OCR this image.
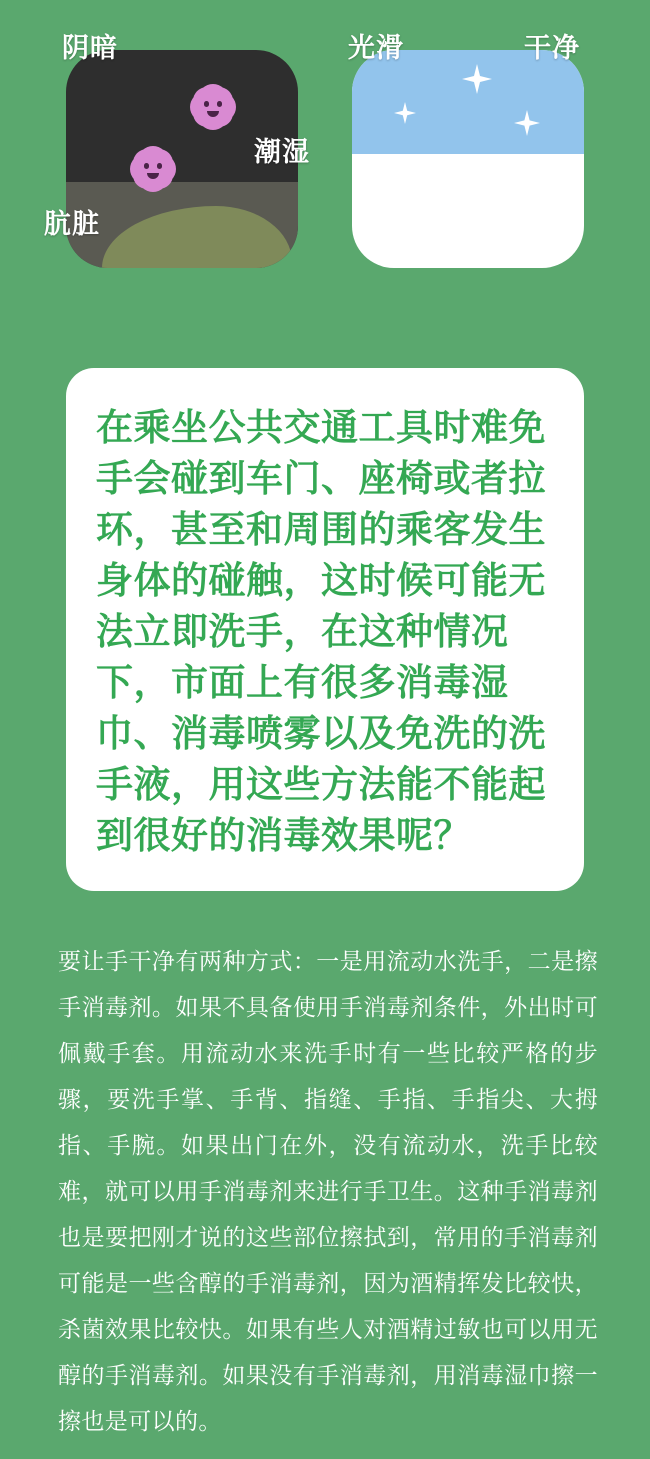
阴暗
肮脏
潮湿
光滑	干净

在乘坐公共交通工具时难免手会碰到车门、座椅或者拉环，甚至和周围的乘客发生身体的碰触，这时候可能无法立即洗手，在这种情况下，市面上有很多消毒湿巾、消毒喷雾以及免洗的洗手液，用这些方法能不能起到很好的消毒效果呢？

要让手干净有两种方式：一是用流动水洗手，二是擦手消毒剂。如果不具备使用手消毒剂条件，外出时可佩戴手套。用流动水来洗手时有一些比较严格的步骤，要洗手掌、手背、指缝、手指、手指尖、大拇指、手腕。如果出门在外，没有流动水，洗手比较难，就可以用手消毒剂来进行手卫生。这种手消毒剂也是要把刚才说的这些部位擦拭到，常用的手消毒剂可能是一些含醇的手消毒剂，因为酒精挥发比较快，杀菌效果比较快。如果有些人对酒精过敏也可以用无醇的手消毒剂。如果没有手消毒剂，用消毒湿巾擦一擦也是可以的。
